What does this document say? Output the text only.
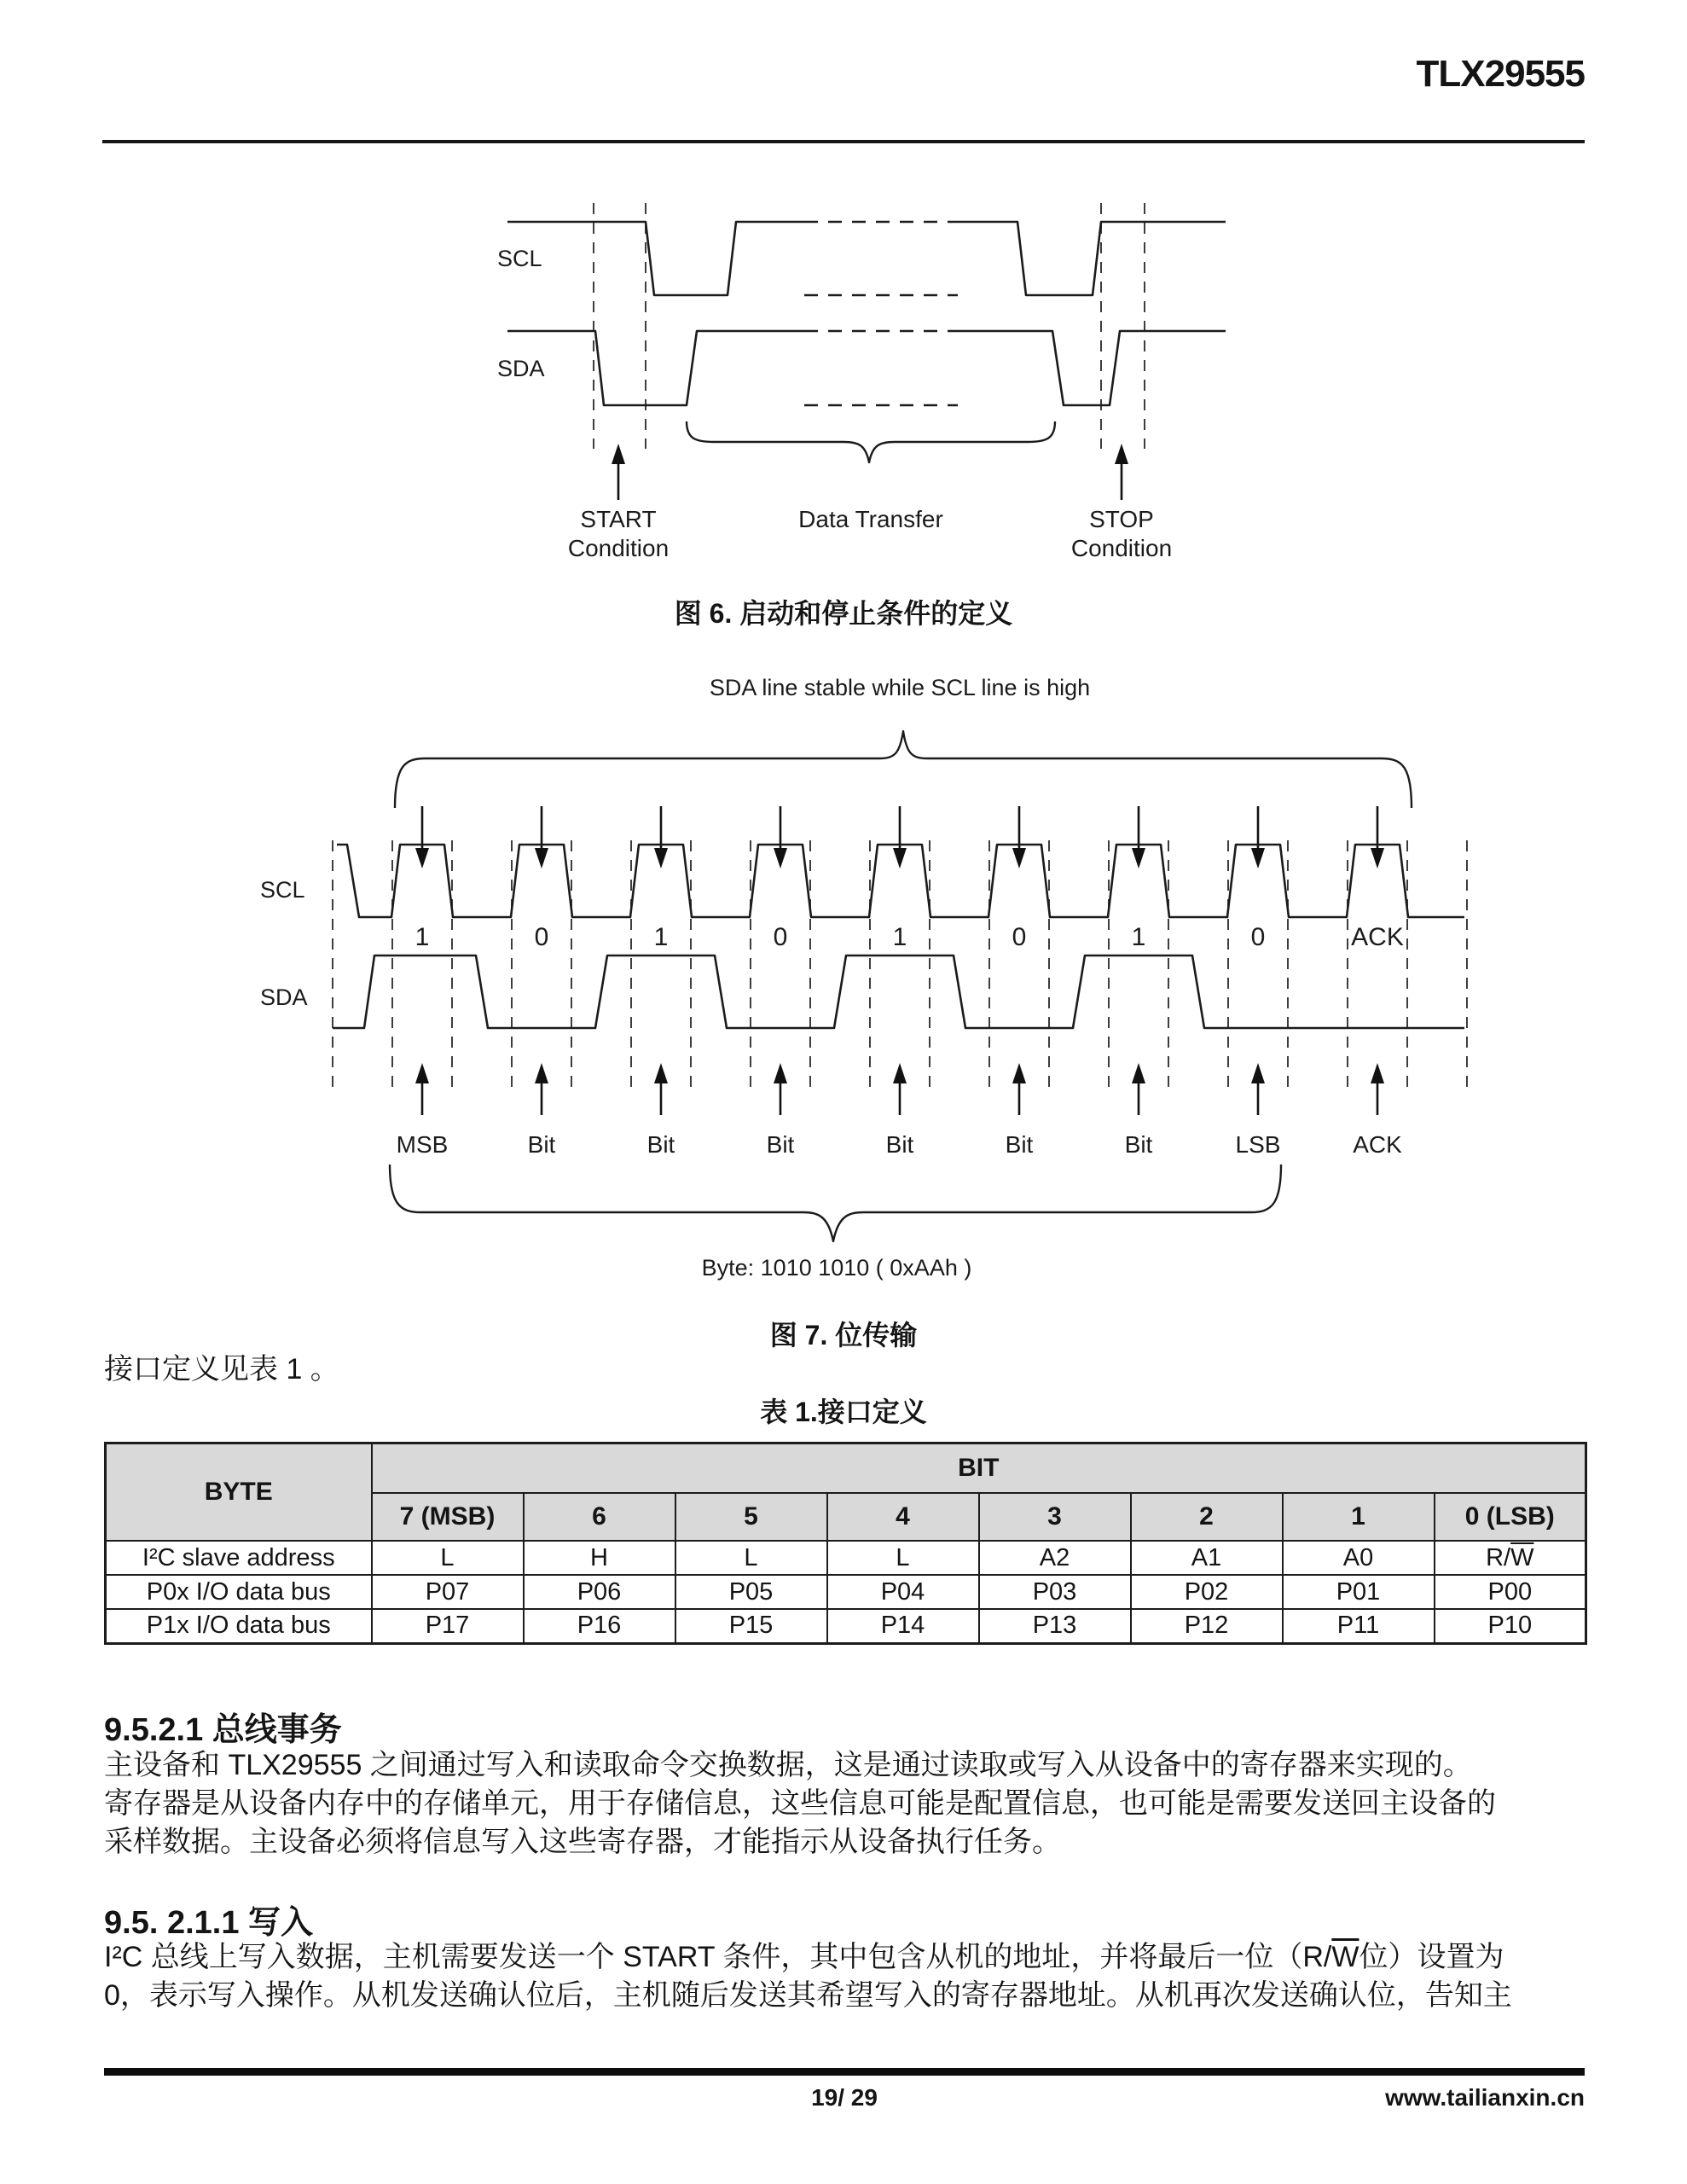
TLX29555
SCL
SDA
START
Condition
Data Transfer	STOP
Condition
图 6. 启动和停止条件的定义
SDA line stable while SCL line is high
SCL
SDA
1	0	1	0	1	0	1	0	ACK
MSB	Bit	Bit	Bit	Bit	Bit	Bit	LSB	ACK
Byte: 1010 1010 ( 0xAAh )
图 7. 位传输
接口定义见表 1 。
表 1.接口定义
BYTE	BIT							
	7 (MSB)	6	5	4	3	2	1	0 (LSB)
I²C slave address	L	H	L	L	A2	A1	A0	$R/\overline{W}$
P0x I/O data bus	P07	P06	P05	P04	P03	P02	P01	P00
P1x I/O data bus	P17	P16	P15	P14	P13	P12	P11	P10
9.5.2.1 总线事务
主设备和 TLX29555 之间通过写入和读取命令交换数据，这是通过读取或写入从设备中的寄存器来实现的。
寄存器是从设备内存中的存储单元，用于存储信息，这些信息可能是配置信息，也可能是需要发送回主设备的
采样数据。主设备必须将信息写入这些寄存器，才能指示从设备执行任务。
9.5. 2.1.1 写入
I²C 总线上写入数据，主机需要发送一个 START 条件，其中包含从机的地址，并将最后一位（$R/\overline{W}$位）设置为
0，表示写入操作。从机发送确认位后，主机随后发送其希望写入的寄存器地址。从机再次发送确认位，告知主
19/ 29	www.tailianxin.cn
